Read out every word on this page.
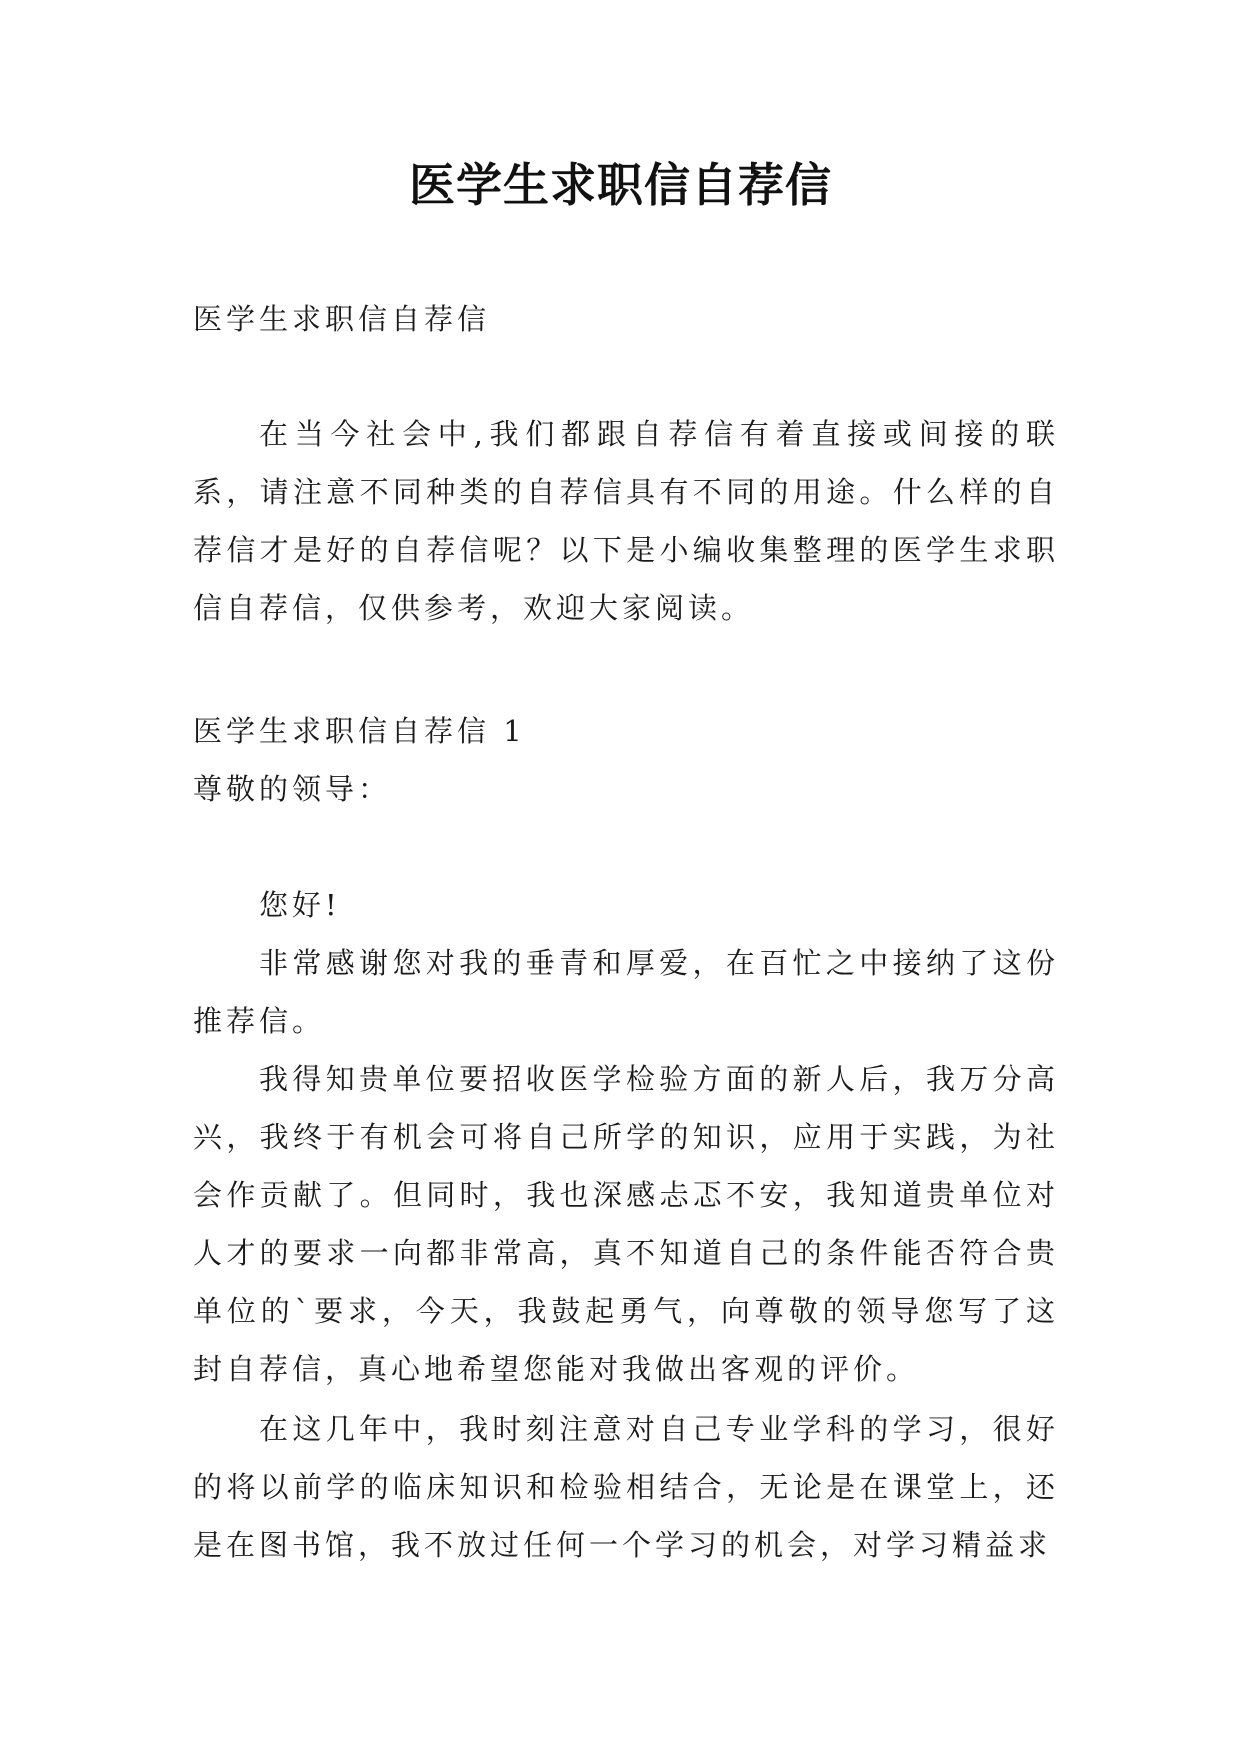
医学生求职信自荐信

医学生求职信自荐信

在当今社会中,我们都跟自荐信有着直接或间接的联系，请注意不同种类的自荐信具有不同的用途。什么样的自荐信才是好的自荐信呢？以下是小编收集整理的医学生求职信自荐信，仅供参考，欢迎大家阅读。

医学生求职信自荐信 1

尊敬的领导：

您好!

非常感谢您对我的垂青和厚爱，在百忙之中接纳了这份推荐信。

我得知贵单位要招收医学检验方面的新人后，我万分高兴，我终于有机会可将自己所学的知识，应用于实践，为社会作贡献了。但同时，我也深感忐忑不安，我知道贵单位对人才的要求一向都非常高，真不知道自己的条件能否符合贵单位的`要求，今天，我鼓起勇气，向尊敬的领导您写了这封自荐信，真心地希望您能对我做出客观的评价。

在这几年中，我时刻注意对自己专业学科的学习，很好的将以前学的临床知识和检验相结合，无论是在课堂上，还是在图书馆，我不放过任何一个学习的机会，对学习精益求
